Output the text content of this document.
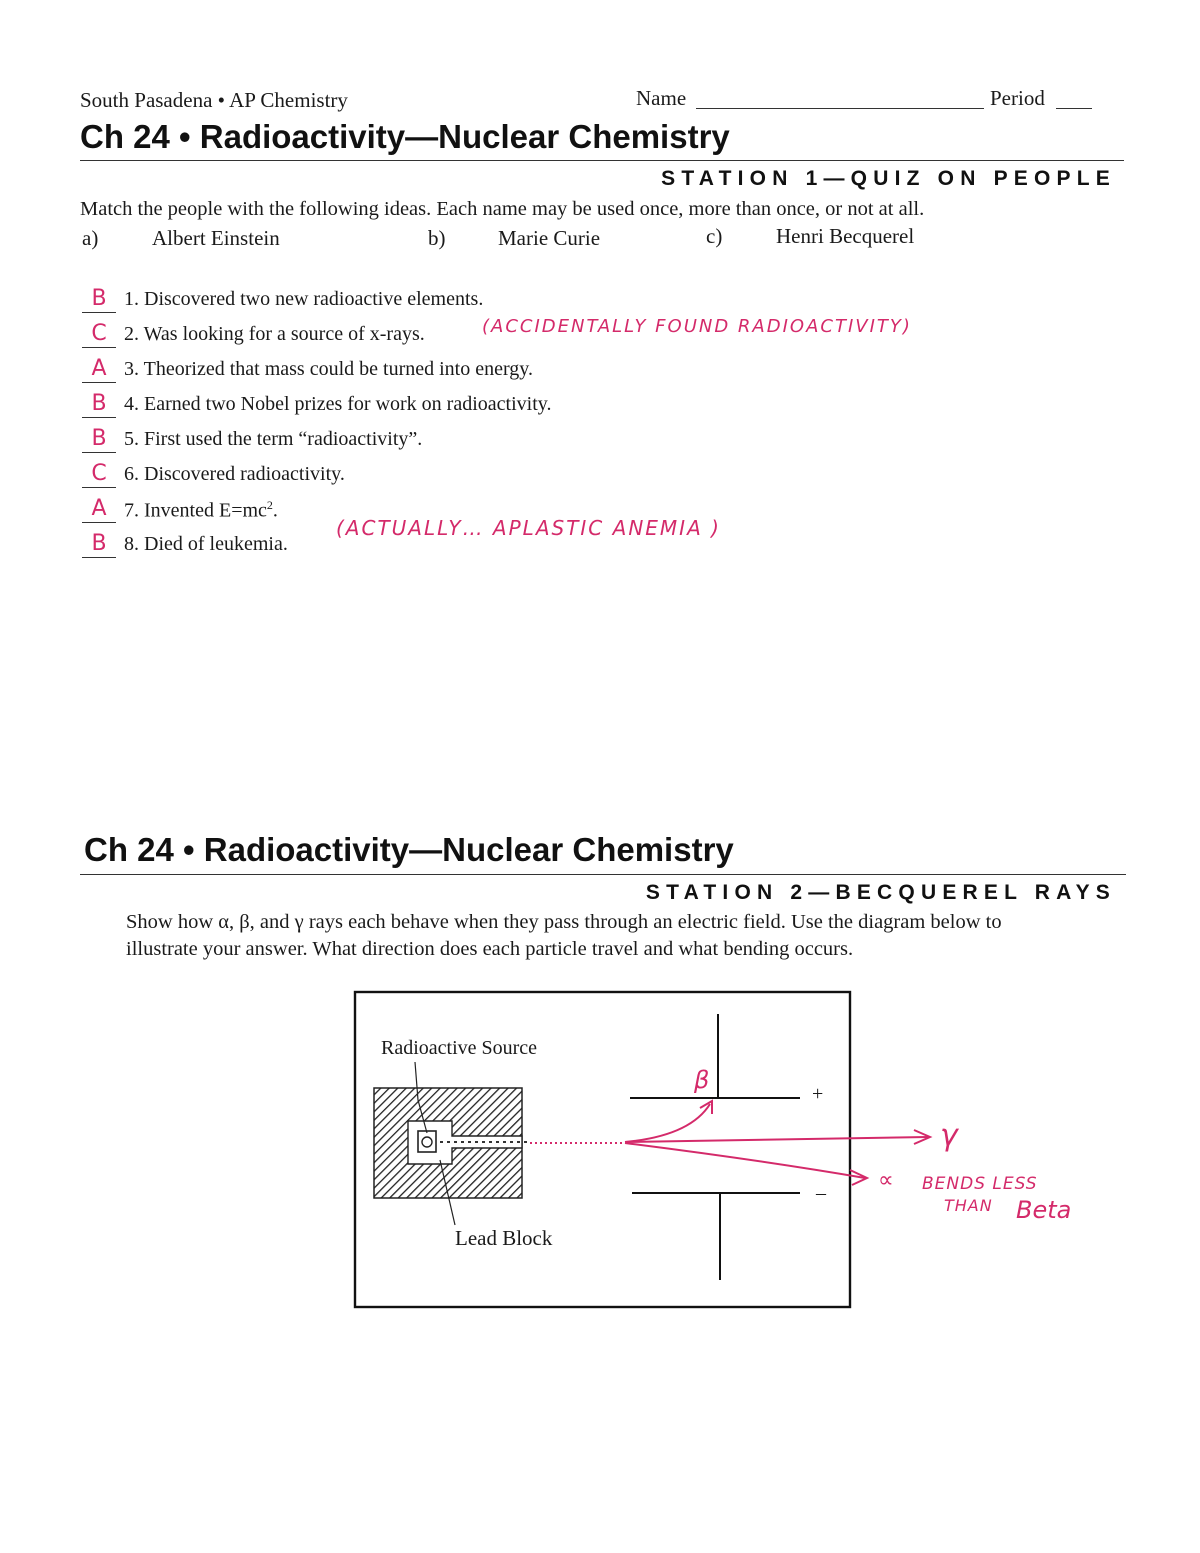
South Pasadena • AP Chemistry	Name	Period
Ch 24 • Radioactivity—Nuclear Chemistry
STATION 1—QUIZ ON PEOPLE
Match the people with the following ideas. Each name may be used once, more than once, or not at all.
a)	Albert Einstein	b)	Marie Curie	c)	Henri Becquerel
B 1. Discovered two new radioactive elements.
C 2. Was looking for a source of x-rays.	(ACCIDENTALLY FOUND RADIOACTIVITY)
A 3. Theorized that mass could be turned into energy.
B 4. Earned two Nobel prizes for work on radioactivity.
B 5. First used the term “radioactivity”.
C 6. Discovered radioactivity.
A 7. Invented $E=mc^2$.
B 8. Died of leukemia.
(ACTUALLY… APLASTIC ANEMIA )
Ch 24 • Radioactivity—Nuclear Chemistry
STATION 2—BECQUEREL RAYS
Show how α, β, and γ rays each behave when they pass through an electric field. Use the diagram below to
illustrate your answer. What direction does each particle travel and what bending occurs.
Radioactive Source
Lead Block
+
–
β
γ
∝ BENDS LESS
THAN Beta
